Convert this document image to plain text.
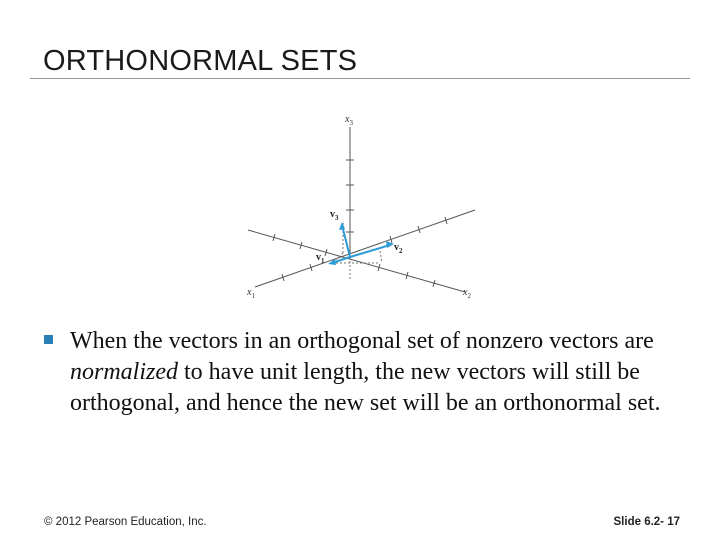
ORTHONORMAL SETS
$x_3$
$x_2$
$x_1$
$v_3$
$v_2$
$v_1$
When the vectors in an orthogonal set of nonzero vectors are normalized to have unit length, the new vectors will still be orthogonal, and hence the new set will be an orthonormal set.
© 2012 Pearson Education, Inc.	Slide 6.2- 17
